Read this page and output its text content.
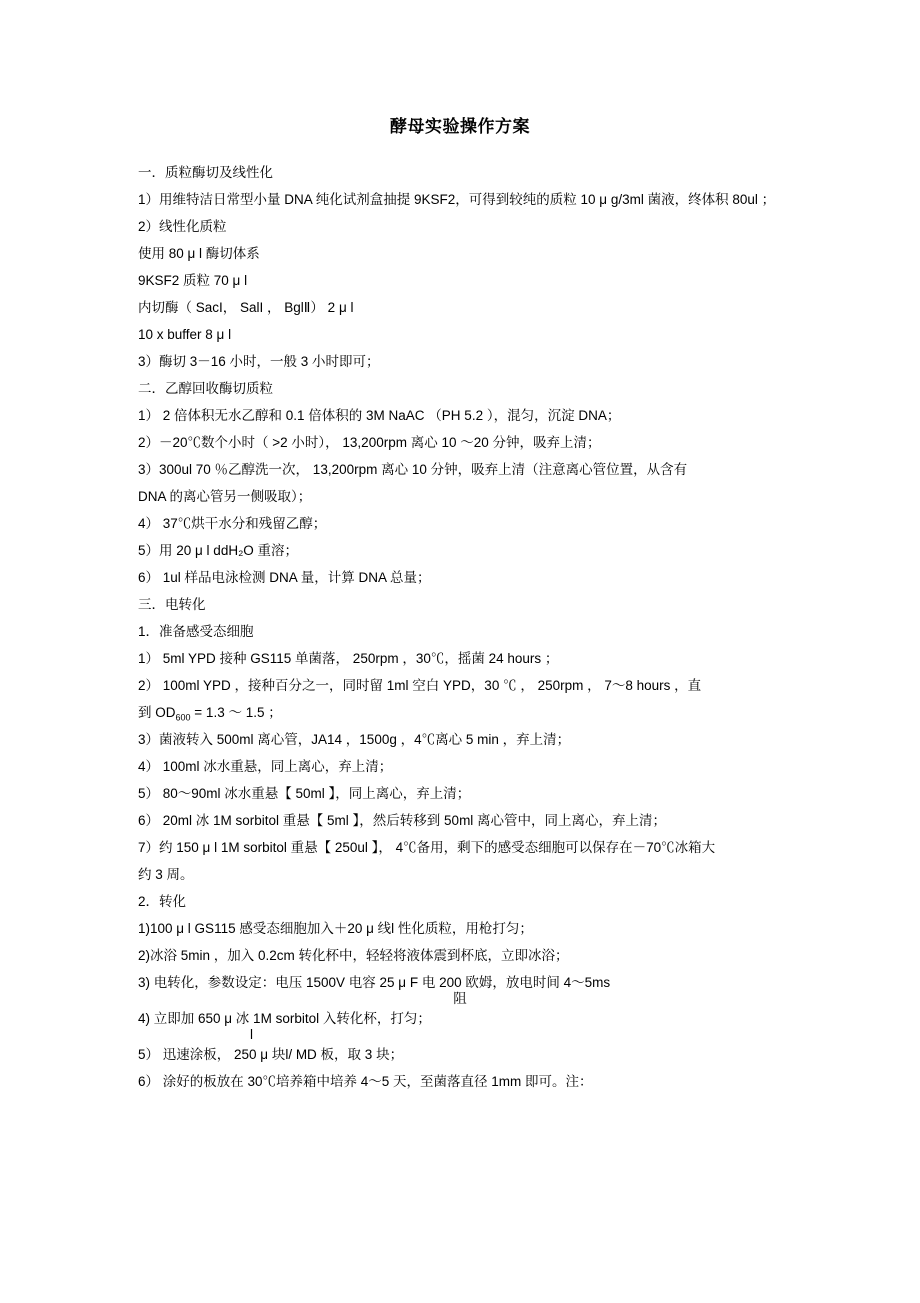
酵母实验操作方案

一．质粒酶切及线性化

1）用维特洁日常型小量 DNA 纯化试剂盒抽提 9KSF2，可得到较纯的质粒 10 μ g/3ml 菌液，终体积 80ul ；

2）线性化质粒

使用 80 μ l 酶切体系

9KSF2 质粒 70 μ l

内切酶（ SacI， SalI ， BglⅡ） 2 μ l

10 x buffer 8 μ l

3）酶切 3－16 小时，一般 3 小时即可；

二．乙醇回收酶切质粒

1） 2 倍体积无水乙醇和 0.1 倍体积的 3M NaAC （PH 5.2 ），混匀，沉淀 DNA；

2）－20℃数个小时（ >2 小时）， 13,200rpm 离心 10 ～20 分钟，吸弃上清；

3）300ul 70 ％乙醇洗一次， 13,200rpm 离心 10 分钟，吸弃上清（注意离心管位置，从含有

DNA 的离心管另一侧吸取）；

4） 37℃烘干水分和残留乙醇；

5）用 20 μ l ddH₂O 重溶；

6） 1ul 样品电泳检测 DNA 量，计算 DNA 总量；

三．电转化

1．准备感受态细胞

1） 5ml YPD 接种 GS115 单菌落， 250rpm ，30℃，摇菌 24 hours ；

2） 100ml YPD ，接种百分之一，同时留 1ml 空白 YPD，30 ℃ ， 250rpm ， 7～8 hours ，直

到 $OD_{600} = 1.3$ ～ 1.5 ；

3）菌液转入 500ml 离心管，JA14 ，1500g ，4℃离心 5 min ，弃上清；

4） 100ml 冰水重悬，同上离心，弃上清；

5） 80～90ml 冰水重悬【 50ml 】，同上离心，弃上清；

6） 20ml 冰 1M sorbitol 重悬【 5ml 】，然后转移到 50ml 离心管中，同上离心，弃上清；

7）约 150 μ l 1M sorbitol 重悬【 250ul 】， 4℃备用，剩下的感受态细胞可以保存在－70℃冰箱大

约 3 周。

2．转化

1)100 μ l GS115 感受态细胞加入＋20 μ 线l 性化质粒，用枪打匀；

2)冰浴 5min ，加入 0.2cm 转化杯中，轻轻将液体震到杯底，立即冰浴；

3) 电转化，参数设定：电压 1500V 电容 25 μ F 电 200 欧姆，放电时间 4～5ms

阻

4) 立即加 650 μ 冰 1M sorbitol 入转化杯，打匀；

l

5） 迅速涂板， 250 μ 块l/ MD 板，取 3 块；

6） 涂好的板放在 30℃培养箱中培养 4～5 天，至菌落直径 1mm 即可。注：
